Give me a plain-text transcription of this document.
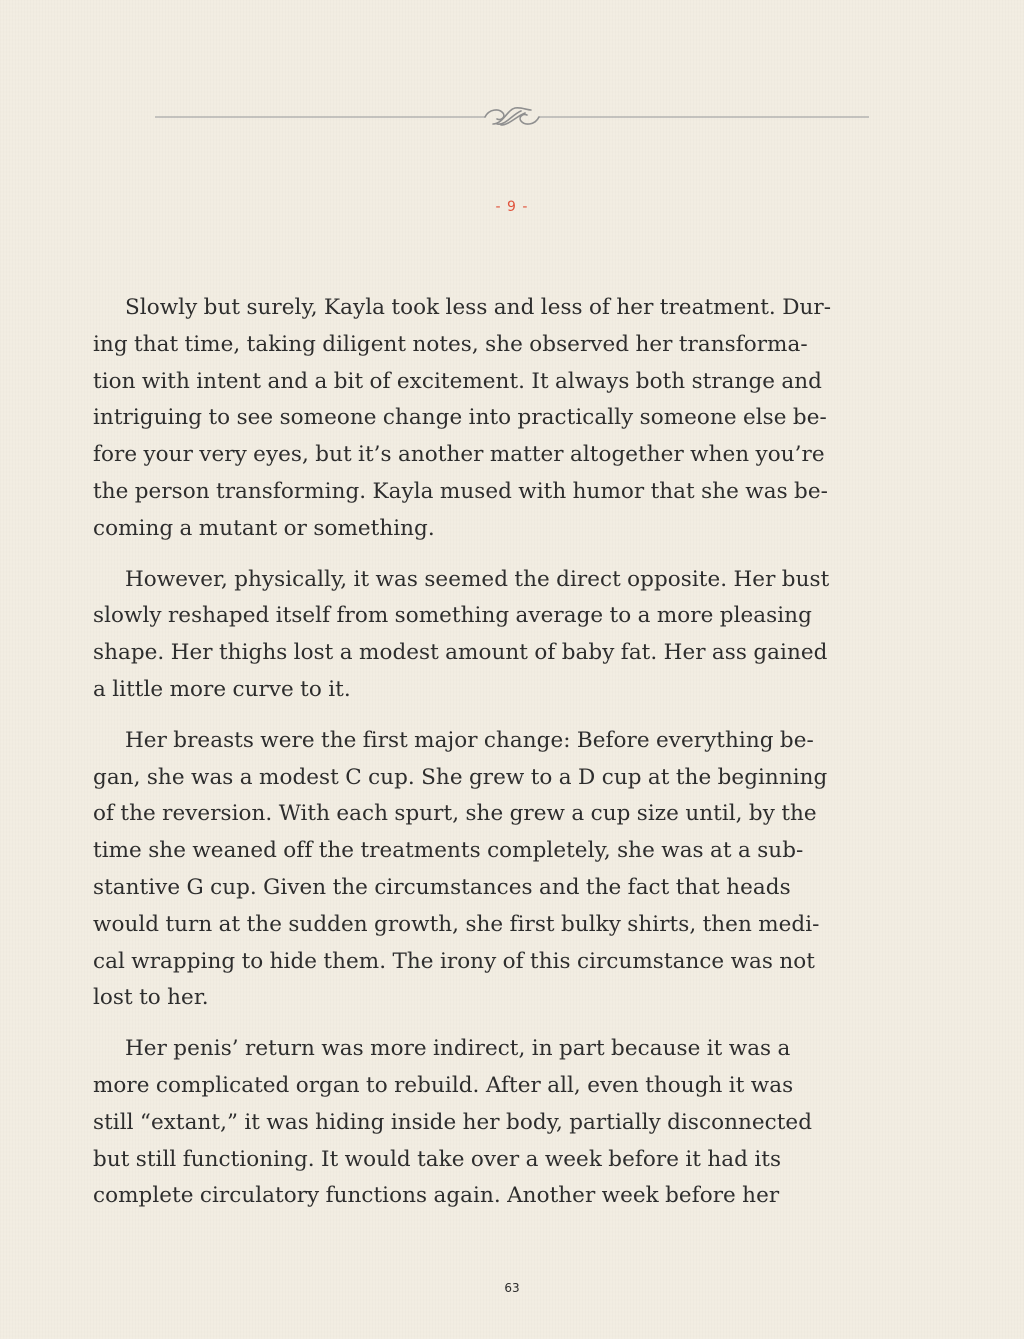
- 9 -
Slowly but surely, Kayla took less and less of her treatment. Dur-
ing that time, taking diligent notes, she observed her transforma-
tion with intent and a bit of excitement. It always both strange and
intriguing to see someone change into practically someone else be-
fore your very eyes, but it’s another matter altogether when you’re
the person transforming. Kayla mused with humor that she was be-
coming a mutant or something.
However, physically, it was seemed the direct opposite. Her bust
slowly reshaped itself from something average to a more pleasing
shape. Her thighs lost a modest amount of baby fat. Her ass gained
a little more curve to it.
Her breasts were the first major change: Before everything be-
gan, she was a modest C cup. She grew to a D cup at the beginning
of the reversion. With each spurt, she grew a cup size until, by the
time she weaned off the treatments completely, she was at a sub-
stantive G cup. Given the circumstances and the fact that heads
would turn at the sudden growth, she first bulky shirts, then medi-
cal wrapping to hide them. The irony of this circumstance was not
lost to her.
Her penis’ return was more indirect, in part because it was a
more complicated organ to rebuild. After all, even though it was
still “extant,” it was hiding inside her body, partially disconnected
but still functioning. It would take over a week before it had its
complete circulatory functions again. Another week before her
63
